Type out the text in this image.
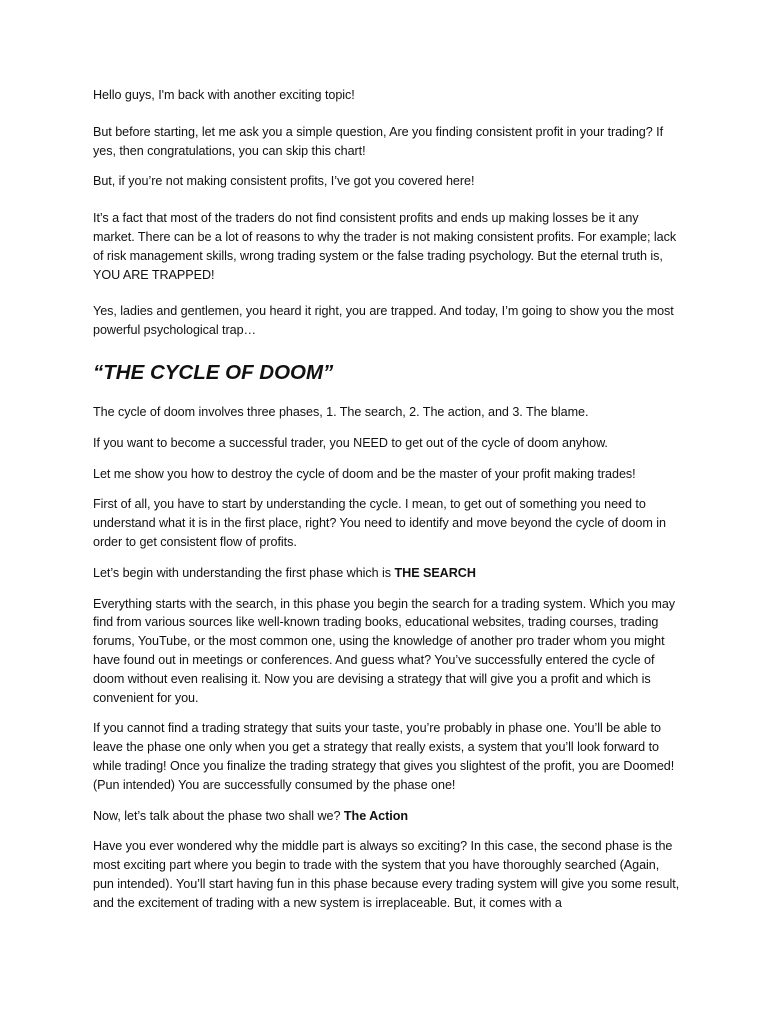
Hello guys, I'm back with another exciting topic!

But before starting, let me ask you a simple question, Are you finding consistent profit in your trading? If yes, then congratulations, you can skip this chart!

But, if you’re not making consistent profits, I’ve got you covered here!

It’s a fact that most of the traders do not find consistent profits and ends up making losses be it any market. There can be a lot of reasons to why the trader is not making consistent profits. For example; lack of risk management skills, wrong trading system or the false trading psychology. But the eternal truth is, YOU ARE TRAPPED!

Yes, ladies and gentlemen, you heard it right, you are trapped. And today, I’m going to show you the most powerful psychological trap…

“THE CYCLE OF DOOM”

The cycle of doom involves three phases, 1. The search, 2. The action, and 3. The blame.

If you want to become a successful trader, you NEED to get out of the cycle of doom anyhow.

Let me show you how to destroy the cycle of doom and be the master of your profit making trades!

First of all, you have to start by understanding the cycle. I mean, to get out of something you need to understand what it is in the first place, right? You need to identify and move beyond the cycle of doom in order to get consistent flow of profits.

Let’s begin with understanding the first phase which is THE SEARCH

Everything starts with the search, in this phase you begin the search for a trading system. Which you may find from various sources like well-known trading books, educational websites, trading courses, trading forums, YouTube, or the most common one, using the knowledge of another pro trader whom you might have found out in meetings or conferences. And guess what? You’ve successfully entered the cycle of doom without even realising it. Now you are devising a strategy that will give you a profit and which is convenient for you.

If you cannot find a trading strategy that suits your taste, you’re probably in phase one. You’ll be able to leave the phase one only when you get a strategy that really exists, a system that you’ll look forward to while trading! Once you finalize the trading strategy that gives you slightest of the profit, you are Doomed! (Pun intended) You are successfully consumed by the phase one!

Now, let’s talk about the phase two shall we? The Action

Have you ever wondered why the middle part is always so exciting? In this case, the second phase is the most exciting part where you begin to trade with the system that you have thoroughly searched (Again, pun intended). You’ll start having fun in this phase because every trading system will give you some result, and the excitement of trading with a new system is irreplaceable. But, it comes with a
